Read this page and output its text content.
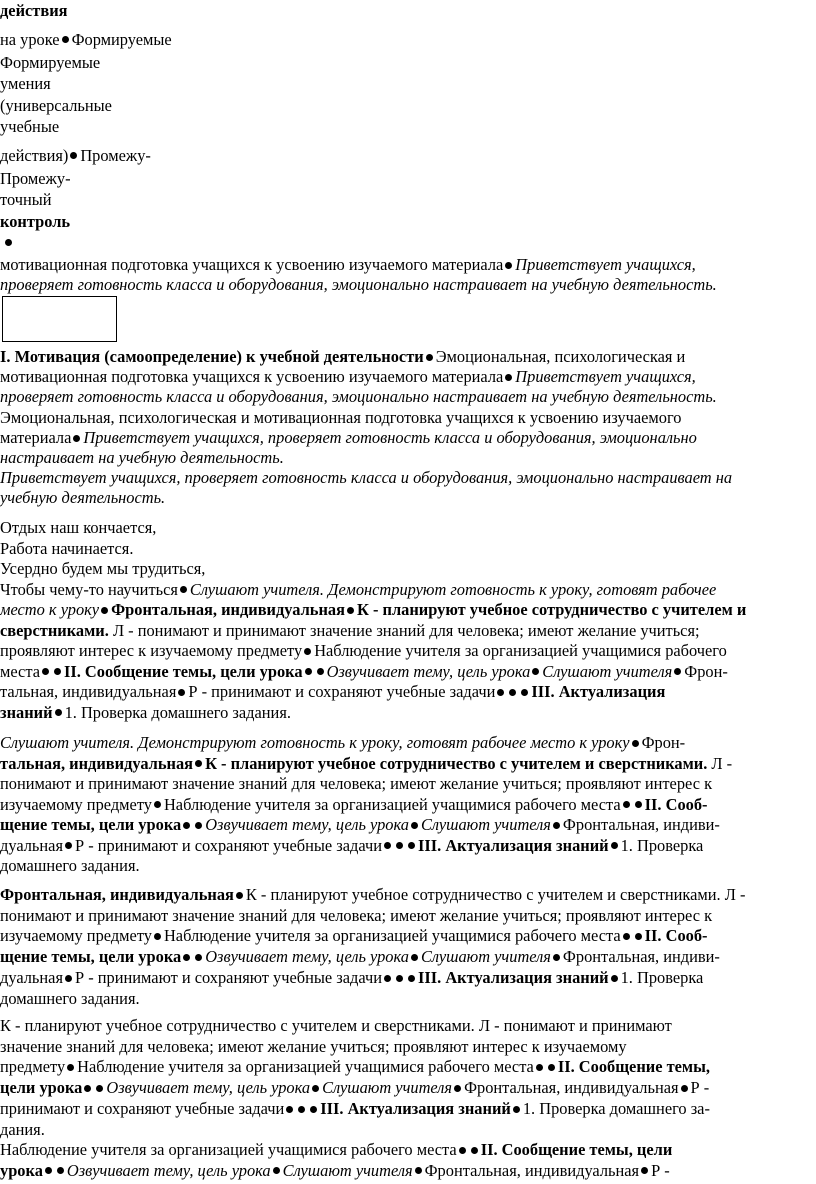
действия
на уроке Формируемые
Формируемые
умения
(универсальные
учебные
действия) Промежу-
Промежу-
точный
контроль
мотивационная подготовка учащихся к усвоению изучаемого материала Приветствует учащихся,
проверяет готовность класса и оборудования, эмоционально настраивает на учебную деятельность.
I. Мотивация (самоопределение) к учебной деятельности Эмоциональная, психологическая и
мотивационная подготовка учащихся к усвоению изучаемого материала Приветствует учащихся,
проверяет готовность класса и оборудования, эмоционально настраивает на учебную деятельность.
Эмоциональная, психологическая и мотивационная подготовка учащихся к усвоению изучаемого
материала Приветствует учащихся, проверяет готовность класса и оборудования, эмоционально
настраивает на учебную деятельность.
Приветствует учащихся, проверяет готовность класса и оборудования, эмоционально настраивает на
учебную деятельность.
Отдых наш кончается,
Работа начинается.
Усердно будем мы трудиться,
Чтобы чему-то научиться Слушают учителя. Демонстрируют готовность к уроку, готовят рабочее
место к уроку Фронтальная, индивидуальная К - планируют учебное сотрудничество с учителем и
сверстниками. Л - понимают и принимают значение знаний для человека; имеют желание учиться;
проявляют интерес к изучаемому предмету Наблюдение учителя за организацией учащимися рабочего
места II. Сообщение темы, цели урока Озвучивает тему, цель урока Слушают учителя Фрон-
тальная, индивидуальная Р - принимают и сохраняют учебные задачи III. Актуализация
знаний 1. Проверка домашнего задания.
Слушают учителя. Демонстрируют готовность к уроку, готовят рабочее место к уроку Фрон-
тальная, индивидуальная К - планируют учебное сотрудничество с учителем и сверстниками. Л -
понимают и принимают значение знаний для человека; имеют желание учиться; проявляют интерес к
изучаемому предмету Наблюдение учителя за организацией учащимися рабочего места II. Сооб-
щение темы, цели урока Озвучивает тему, цель урока Слушают учителя Фронтальная, индиви-
дуальная Р - принимают и сохраняют учебные задачи III. Актуализация знаний 1. Проверка
домашнего задания.
Фронтальная, индивидуальная К - планируют учебное сотрудничество с учителем и сверстниками. Л -
понимают и принимают значение знаний для человека; имеют желание учиться; проявляют интерес к
изучаемому предмету Наблюдение учителя за организацией учащимися рабочего места II. Сооб-
щение темы, цели урока Озвучивает тему, цель урока Слушают учителя Фронтальная, индиви-
дуальная Р - принимают и сохраняют учебные задачи III. Актуализация знаний 1. Проверка
домашнего задания.
К - планируют учебное сотрудничество с учителем и сверстниками. Л - понимают и принимают
значение знаний для человека; имеют желание учиться; проявляют интерес к изучаемому
предмету Наблюдение учителя за организацией учащимися рабочего места II. Сообщение темы,
цели урока Озвучивает тему, цель урока Слушают учителя Фронтальная, индивидуальная Р -
принимают и сохраняют учебные задачи III. Актуализация знаний 1. Проверка домашнего за-
дания.
Наблюдение учителя за организацией учащимися рабочего места II. Сообщение темы, цели
урока Озвучивает тему, цель урока Слушают учителя Фронтальная, индивидуальная Р -
